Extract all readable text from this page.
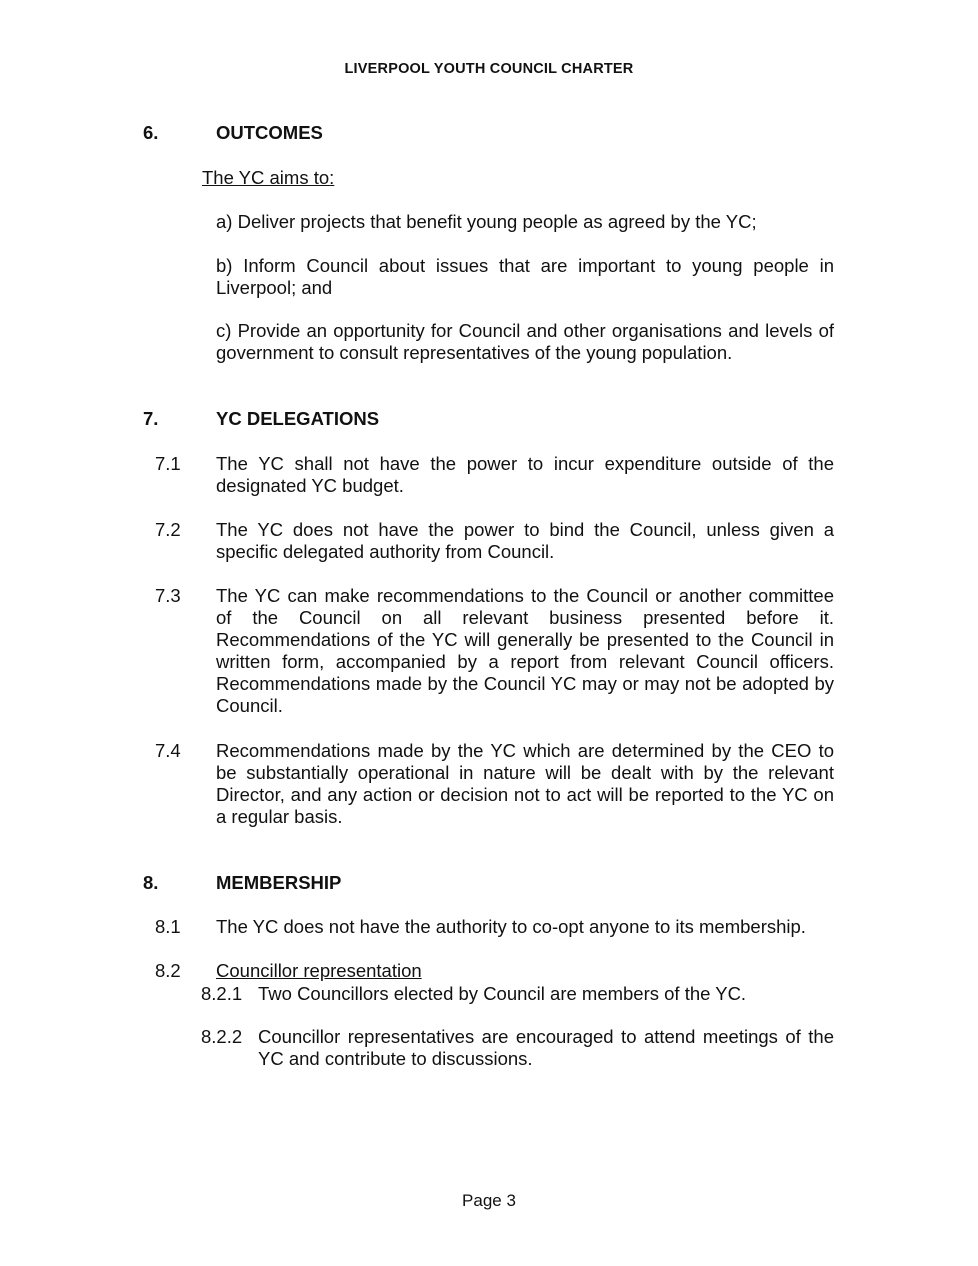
LIVERPOOL YOUTH COUNCIL CHARTER
6.	OUTCOMES
The YC aims to:
a) Deliver projects that benefit young people as agreed by the YC;
b) Inform Council about issues that are important to young people in Liverpool; and
c) Provide an opportunity for Council and other organisations and levels of government to consult representatives of the young population.
7.	YC DELEGATIONS
7.1 The YC shall not have the power to incur expenditure outside of the designated YC budget.
7.2 The YC does not have the power to bind the Council, unless given a specific delegated authority from Council.
7.3 The YC can make recommendations to the Council or another committee of the Council on all relevant business presented before it. Recommendations of the YC will generally be presented to the Council in written form, accompanied by a report from relevant Council officers. Recommendations made by the Council YC may or may not be adopted by Council.
7.4 Recommendations made by the YC which are determined by the CEO to be substantially operational in nature will be dealt with by the relevant Director, and any action or decision not to act will be reported to the YC on a regular basis.
8.	MEMBERSHIP
8.1 The YC does not have the authority to co-opt anyone to its membership.
8.2 Councillor representation
8.2.1 Two Councillors elected by Council are members of the YC.
8.2.2 Councillor representatives are encouraged to attend meetings of the YC and contribute to discussions.
Page 3
